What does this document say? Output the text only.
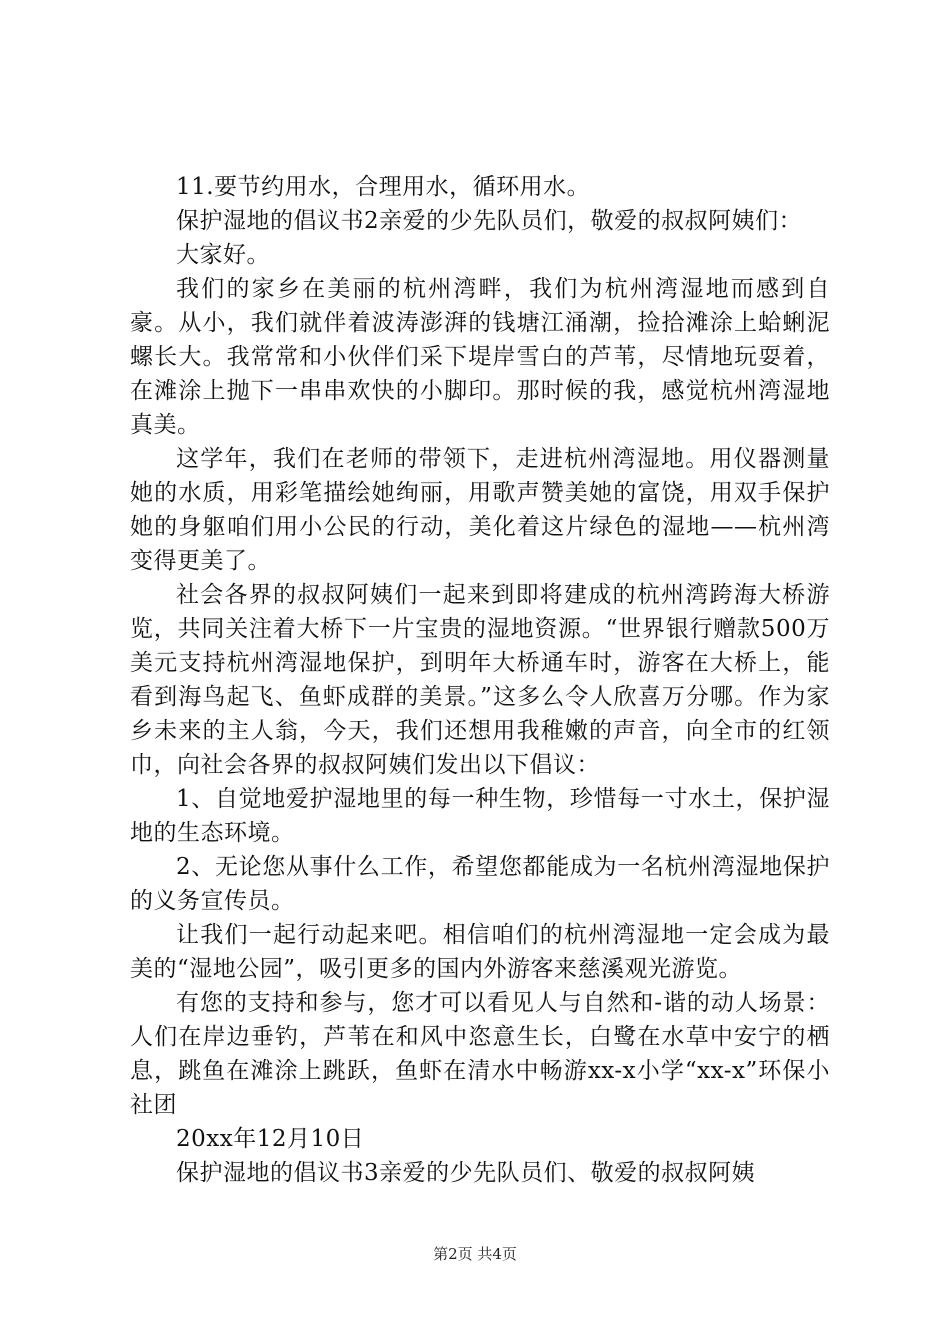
11.要节约用水，合理用水，循环用水。

保护湿地的倡议书2亲爱的少先队员们，敬爱的叔叔阿姨们：

大家好。

我们的家乡在美丽的杭州湾畔，我们为杭州湾湿地而感到自豪。从小，我们就伴着波涛澎湃的钱塘江涌潮，捡拾滩涂上蛤蜊泥螺长大。我常常和小伙伴们采下堤岸雪白的芦苇，尽情地玩耍着，在滩涂上抛下一串串欢快的小脚印。那时候的我，感觉杭州湾湿地真美。

这学年，我们在老师的带领下，走进杭州湾湿地。用仪器测量她的水质，用彩笔描绘她绚丽，用歌声赞美她的富饶，用双手保护她的身躯咱们用小公民的行动，美化着这片绿色的湿地——杭州湾变得更美了。

社会各界的叔叔阿姨们一起来到即将建成的杭州湾跨海大桥游览，共同关注着大桥下一片宝贵的湿地资源。“世界银行赠款500万美元支持杭州湾湿地保护，到明年大桥通车时，游客在大桥上，能看到海鸟起飞、鱼虾成群的美景。”这多么令人欣喜万分哪。作为家乡未来的主人翁，今天，我们还想用我稚嫩的声音，向全市的红领巾，向社会各界的叔叔阿姨们发出以下倡议：

1、自觉地爱护湿地里的每一种生物，珍惜每一寸水土，保护湿地的生态环境。

2、无论您从事什么工作，希望您都能成为一名杭州湾湿地保护的义务宣传员。

让我们一起行动起来吧。相信咱们的杭州湾湿地一定会成为最美的“湿地公园”，吸引更多的国内外游客来慈溪观光游览。

有您的支持和参与，您才可以看见人与自然和-谐的动人场景：人们在岸边垂钓，芦苇在和风中恣意生长，白鹭在水草中安宁的栖息，跳鱼在滩涂上跳跃，鱼虾在清水中畅游xx-x小学“xx-x”环保小社团

20xx年12月10日

保护湿地的倡议书3亲爱的少先队员们、敬爱的叔叔阿姨

第2页 共4页
